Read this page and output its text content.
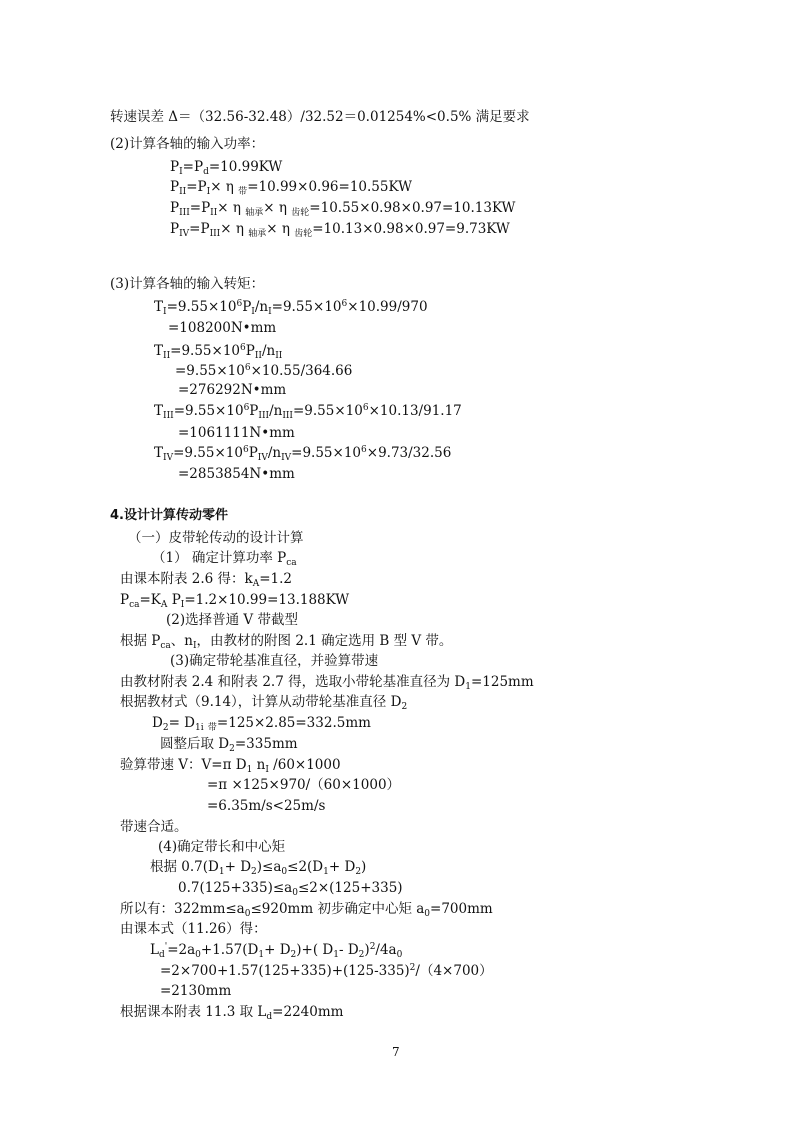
转速误差 Δ＝（32.56-32.48）/32.52＝0.01254%<0.5% 满足要求
(2)计算各轴的输入功率：
$P_I=P_d=10.99KW$
$P_{II}=P_I\times \eta$ $_带$=10.99×0.96=10.55KW
$P_{III}=P_{II}\times \eta$ $_{轴承}$× η $_{齿轮}$=10.55×0.98×0.97=10.13KW
$P_{IV}=P_{III}\times \eta$ $_{轴承}$× η $_{齿轮}$=10.13×0.98×0.97=9.73KW
(3)计算各轴的输入转矩：
$T_I=9.55\times 10^6P_I/n_I=9.55\times 10^6\times 10.99/970$
=108200N•mm
$T_{II}=9.55\times 10^6P_{II}/n_{II}$
$=9.55\times 10^6\times 10.55/364.66$
=276292N•mm
$T_{III}=9.55\times 10^6P_{III}/n_{III}=9.55\times 10^6\times 10.13/91.17$
=1061111N•mm
$T_{IV}=9.55\times 10^6P_{IV}/n_{IV}=9.55\times 10^6\times 9.73/32.56$
=2853854N•mm
4.设计计算传动零件
（一）皮带轮传动的设计计算
（1） 确定计算功率 $P_{ca}$
由课本附表 2.6 得：$k_A=1.2$
$P_{ca}=K_A$ $P_I=1.2\times 10.99=13.188KW$
(2)选择普通 V 带截型
根据 $P_{ca}$、$n_I$，由教材的附图 2.1 确定选用 B 型 V 带。
(3)确定带轮基准直径，并验算带速
由教材附表 2.4 和附表 2.7 得，选取小带轮基准直径为 $D_1=125mm$
根据教材式（9.14），计算从动带轮基准直径 $D_2$
$D_2= D_{1i}$ $_带$=125×2.85=332.5mm
圆整后取 $D_2=335mm$
验算带速 V：V=π $D_1$ $n_I$ /60×1000
=π ×125×970/（60×1000）
=6.35m/s<25m/s
带速合适。
(4)确定带长和中心矩
根据 $0.7(D_1+ D_2)\le a_0\le 2(D_1+ D_2)$
$0.7(125+335)\le a_0\le 2\times(125+335)$
所以有：$322mm\le a_0\le 920mm$ 初步确定中心矩 $a_0=700mm$
由课本式（11.26）得：
$L_d'=2a_0+1.57(D_1+ D_2)+$( $D_1-$ $D_2)^2/4a_0$
$=2\times 700+1.57(125+335)+(125-335)^2/(4\times 700)$
=2130mm
根据课本附表 11.3 取 $L_d=2240mm$
7
